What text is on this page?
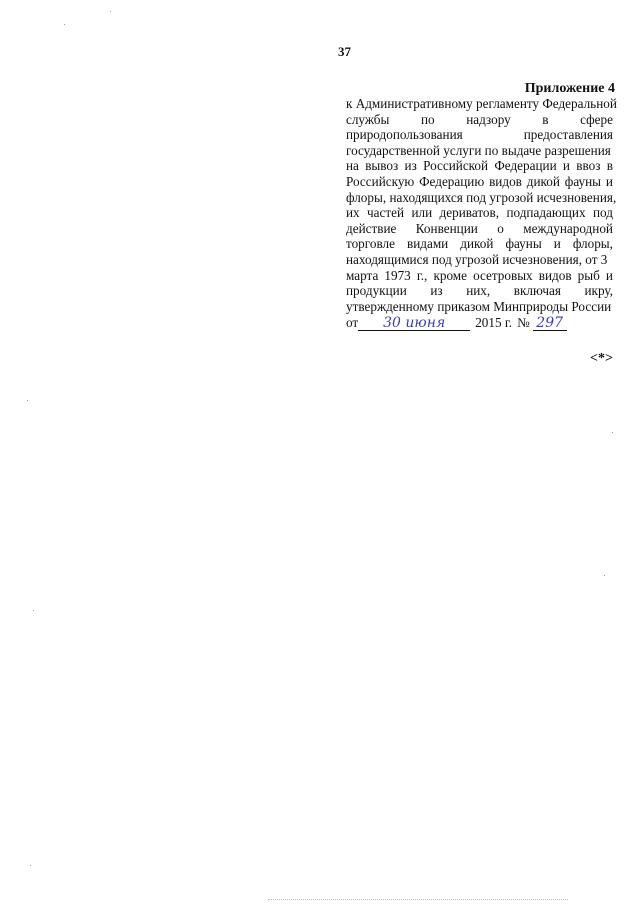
37
Приложение 4
к Административному регламенту Федеральной
службы по надзору в сфере
природопользования	предоставления
государственной услуги по выдаче разрешения
на вывоз из Российской Федерации и ввоз в
Российскую Федерацию видов дикой фауны и
флоры, находящихся под угрозой исчезновения,
их частей или дериватов, подпадающих под
действие Конвенции о международной
торговле видами дикой фауны и флоры,
находящимися под угрозой исчезновения, от 3
марта 1973 г., кроме осетровых видов рыб и
продукции из них, включая икру,
утвержденному приказом Минприроды России
от	30 июня	2015 г. № 297
<*>
